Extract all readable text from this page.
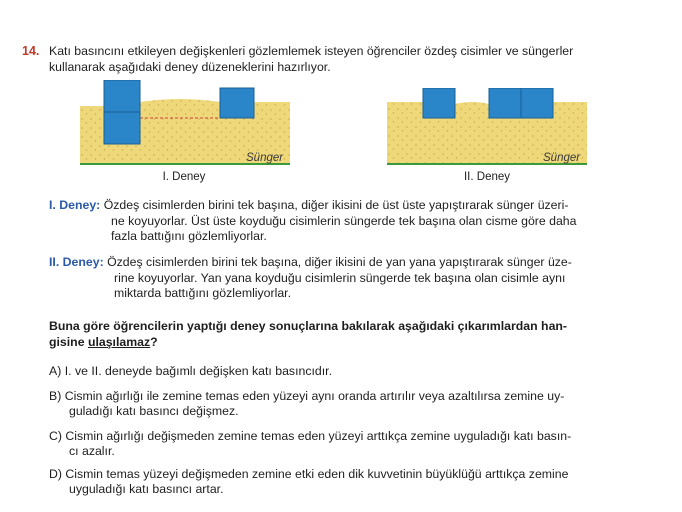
14. Katı basıncını etkileyen değişkenleri gözlemlemek isteyen öğrenciler özdeş cisimler ve süngerler
kullanarak aşağıdaki deney düzeneklerini hazırlıyor.
Sünger
I. Deney
Sünger
II. Deney
I. Deney: Özdeş cisimlerden birini tek başına, diğer ikisini de üst üste yapıştırarak sünger üzeri-
ne koyuyorlar. Üst üste koyduğu cisimlerin süngerde tek başına olan cisme göre daha
fazla battığını gözlemliyorlar.
II. Deney: Özdeş cisimlerden birini tek başına, diğer ikisini de yan yana yapıştırarak sünger üze-
rine koyuyorlar. Yan yana koyduğu cisimlerin süngerde tek başına olan cisimle aynı
miktarda battığını gözlemliyorlar.
Buna göre öğrencilerin yaptığı deney sonuçlarına bakılarak aşağıdaki çıkarımlardan han-
gisine ulaşılamaz?
A) I. ve II. deneyde bağımlı değişken katı basıncıdır.
B) Cismin ağırlığı ile zemine temas eden yüzeyi aynı oranda artırılır veya azaltılırsa zemine uy-
guladığı katı basıncı değişmez.
C) Cismin ağırlığı değişmeden zemine temas eden yüzeyi arttıkça zemine uyguladığı katı basın-
cı azalır.
D) Cismin temas yüzeyi değişmeden zemine etki eden dik kuvvetinin büyüklüğü arttıkça zemine
uyguladığı katı basıncı artar.
